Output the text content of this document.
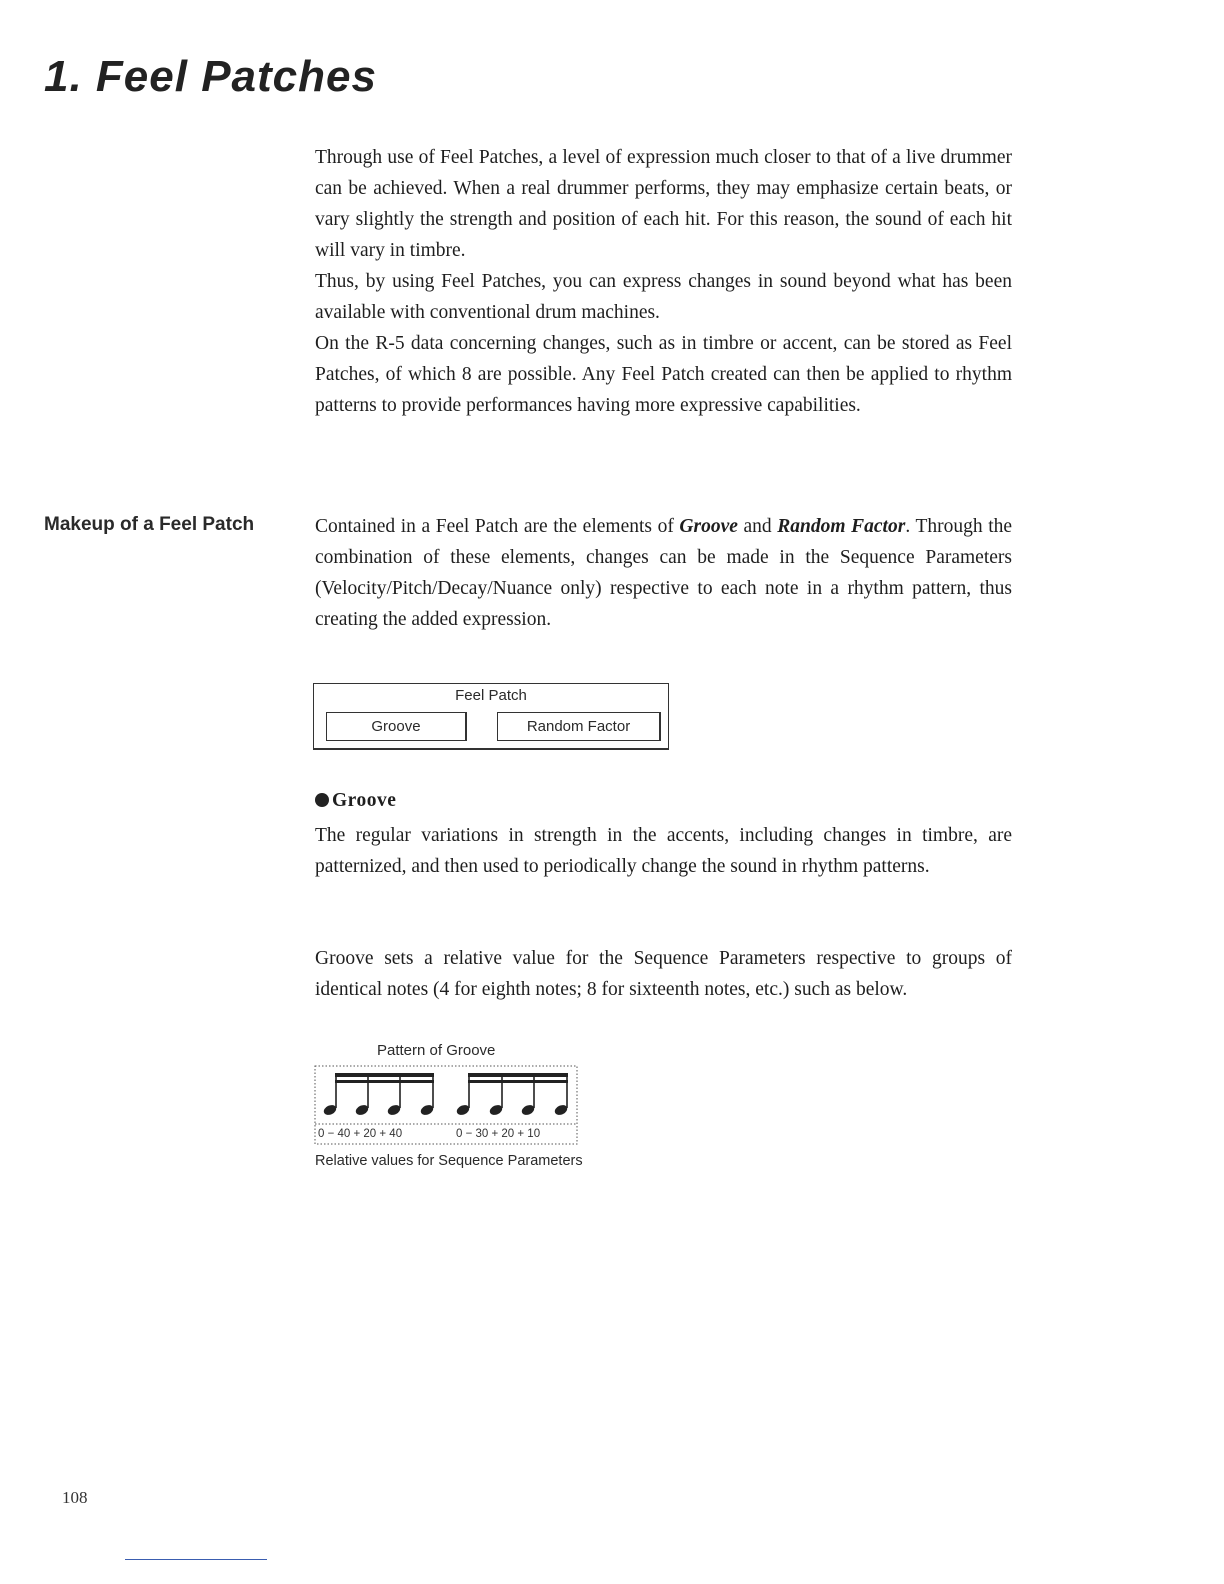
1. Feel Patches

Through use of Feel Patches, a level of expression much closer to that of a live drummer can be achieved. When a real drummer performs, they may emphasize certain beats, or vary slightly the strength and position of each hit. For this reason, the sound of each hit will vary in timbre.

Thus, by using Feel Patches, you can express changes in sound beyond what has been available with conventional drum machines.

On the R-5 data concerning changes, such as in timbre or accent, can be stored as Feel Patches, of which 8 are possible. Any Feel Patch created can then be applied to rhythm patterns to provide performances having more expressive capabilities.

Makeup of a Feel Patch	Contained in a Feel Patch are the elements of Groove and Random Factor. Through the combination of these elements, changes can be made in the Sequence Parameters (Velocity/Pitch/Decay/Nuance only) respective to each note in a rhythm pattern, thus creating the added expression.

Feel Patch
Groove	Random Factor
Groove
The regular variations in strength in the accents, including changes in timbre, are patternized, and then used to periodically change the sound in rhythm patterns.
Groove sets a relative value for the Sequence Parameters respective to groups of identical notes (4 for eighth notes; 8 for sixteenth notes, etc.) such as below.
Pattern of Groove
0 − 40 + 20 + 40	0 − 30 + 20 + 10
Relative values for Sequence Parameters
108
